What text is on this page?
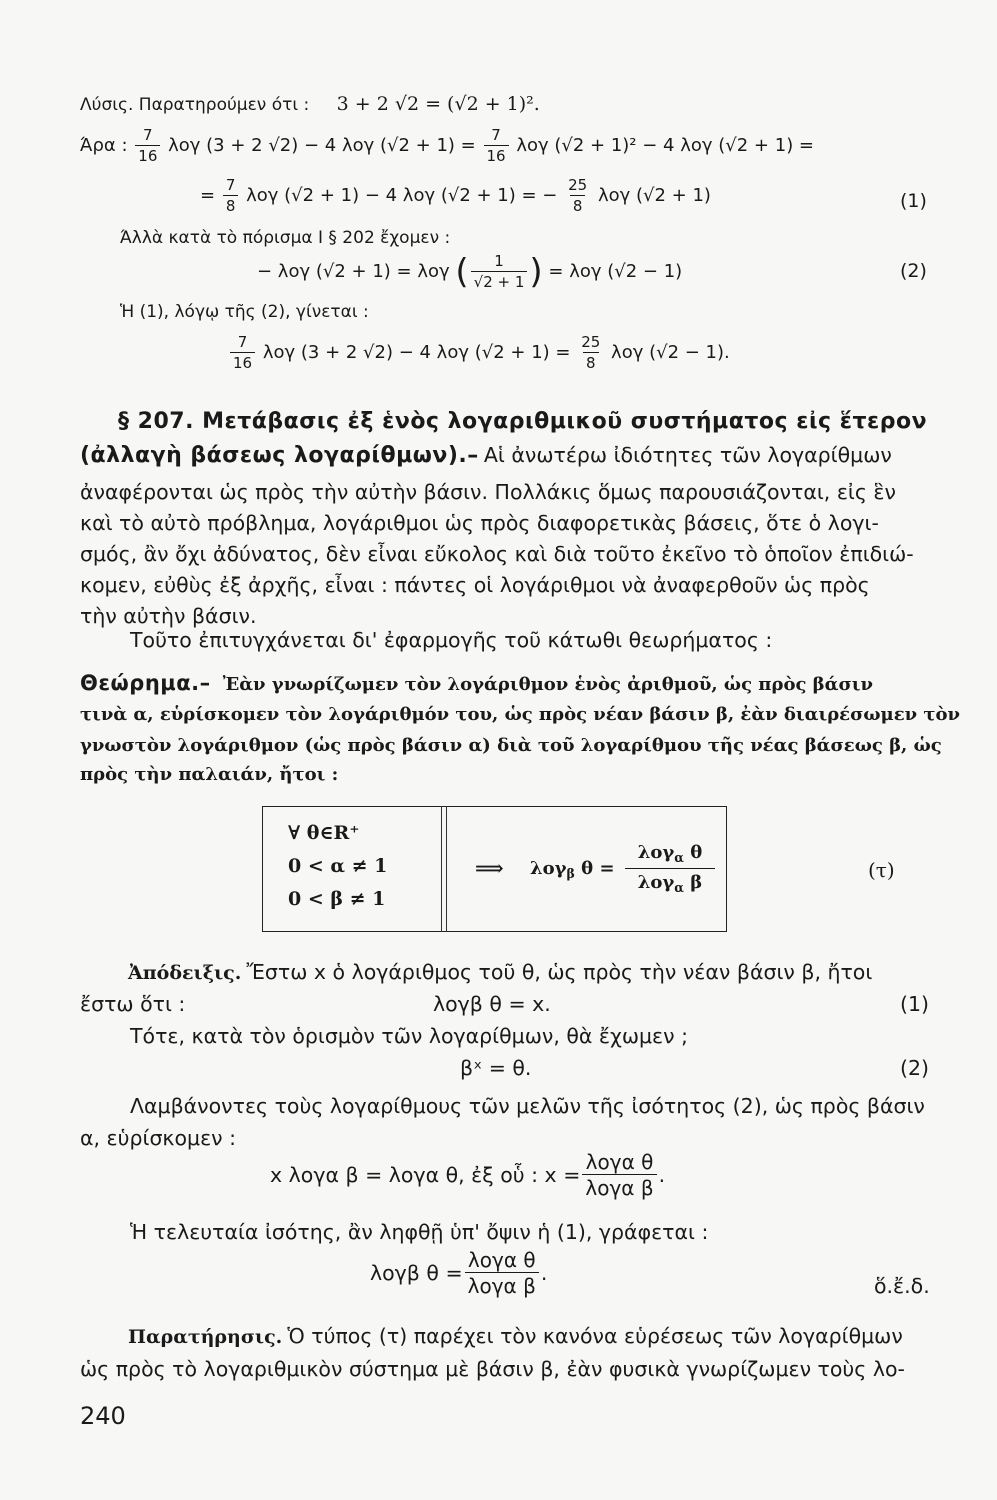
Λύσις. Παρατηρούμεν ότι : 3 + 2 √2 = (√2 + 1)².
Άρα : $\frac{7}{16}$ λογ (3 + 2 √2) − 4 λογ $(√2 + 1) = \frac{7}{16}$ λογ (√2 + 1)² − 4 λογ (√2 + 1) =
= $\frac{7}{8}$ λογ (√2 + 1) − 4 λογ (√2 + 1) = − $\frac{25}{8}$ λογ (√2 + 1)	(1)
Άλλὰ κατὰ τὸ πόρισμα Ι § 202 ἔχομεν :
− λογ (√2 + 1) = λογ ( $\frac{1}{√2 + 1}$ ) = λογ (√2 − 1)	(2)
Ἡ (1), λόγῳ τῆς (2), γίνεται :
$\frac{7}{16}$ λογ (3 + 2 √2) − 4 λογ $(√2 + 1) = \frac{25}{8}$ λογ (√2 − 1).
§ 207. Μετάβασις ἐξ ἑνὸς λογαριθμικοῦ συστήματος εἰς ἕτερον
(ἀλλαγὴ βάσεως λογαρίθμων).– Αἱ ἀνωτέρω ἰδιότητες τῶν λογαρίθμων
ἀναφέρονται ὡς πρὸς τὴν αὐτὴν βάσιν. Πολλάκις ὅμως παρουσιάζονται, εἰς ἓν
καὶ τὸ αὐτὸ πρόβλημα, λογάριθμοι ὡς πρὸς διαφορετικὰς βάσεις, ὅτε ὁ λογι-
σμός, ἂν ὄχι ἀδύνατος, δὲν εἶναι εὔκολος καὶ διὰ τοῦτο ἐκεῖνο τὸ ὁποῖον ἐπιδιώ-
κομεν, εὐθὺς ἐξ ἀρχῆς, εἶναι : πάντες οἱ λογάριθμοι νὰ ἀναφερθοῦν ὡς πρὸς
τὴν αὐτὴν βάσιν.
Τοῦτο ἐπιτυγχάνεται δι' ἐφαρμογῆς τοῦ κάτωθι θεωρήματος :
Θεώρημα.– Ἐὰν γνωρίζωμεν τὸν λογάριθμον ἑνὸς ἀριθμοῦ, ὡς πρὸς βάσιν
τινὰ α, εὑρίσκομεν τὸν λογάριθμόν του, ὡς πρὸς νέαν βάσιν β, ἐὰν διαιρέσωμεν τὸν
γνωστὸν λογάριθμον (ὡς πρὸς βάσιν α) διὰ τοῦ λογαρίθμου τῆς νέας βάσεως β, ὡς
πρὸς τὴν παλαιάν, ἤτοι :
∀ θ∈R⁺
0 < α ≠ 1
0 < β ≠ 1
⟹ λογ$_\beta$ θ =
λογ$_\alpha$ θ
λογ$_\alpha$ β
(τ)
Ἀπόδειξις. Ἔστω x ὁ λογάριθμος τοῦ θ, ὡς πρὸς τὴν νέαν βάσιν β, ἤτοι
ἔστω ὅτι :	λογβ θ = x.	(1)
Τότε, κατὰ τὸν ὁρισμὸν τῶν λογαρίθμων, θὰ ἔχωμεν ;
βˣ = θ.	(2)
Λαμβάνοντες τοὺς λογαρίθμους τῶν μελῶν τῆς ἰσότητος (2), ὡς πρὸς βάσιν
α, εὑρίσκομεν :
x λογα β = λογα θ, ἐξ οὗ : $x = \frac{\text{λογα θ}}{\text{λογα β}}$ .
Ἡ τελευταία ἰσότης, ἂν ληφθῇ ὑπ' ὄψιν ἡ (1), γράφεται :
λογβ $\theta = \frac{\text{λογα θ}}{\text{λογα β}}$ .
ὅ.ἔ.δ.
Παρατήρησις. Ὁ τύπος (τ) παρέχει τὸν κανόνα εὑρέσεως τῶν λογαρίθμων
ὡς πρὸς τὸ λογαριθμικὸν σύστημα μὲ βάσιν β, ἐὰν φυσικὰ γνωρίζωμεν τοὺς λο-
240
